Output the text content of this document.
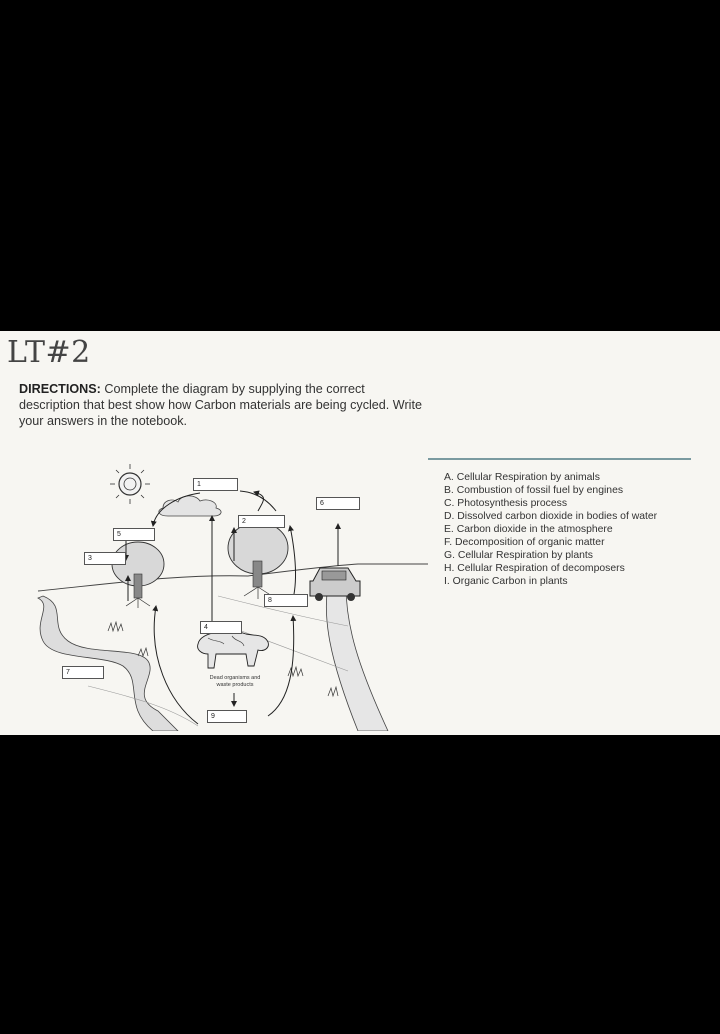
LT#2
DIRECTIONS: Complete the diagram by supplying the correct description that best show how Carbon materials are being cycled. Write your answers in the notebook.
A. Cellular Respiration by animals
B. Combustion of fossil fuel by engines
C. Photosynthesis process
D. Dissolved carbon dioxide in bodies of water
E. Carbon dioxide in the atmosphere
F. Decomposition of organic matter
G. Cellular Respiration by plants
H. Cellular Respiration of decomposers
I. Organic Carbon in plants
1
2
3
4
5
6
7
8
9
Dead organisms and
waste products
